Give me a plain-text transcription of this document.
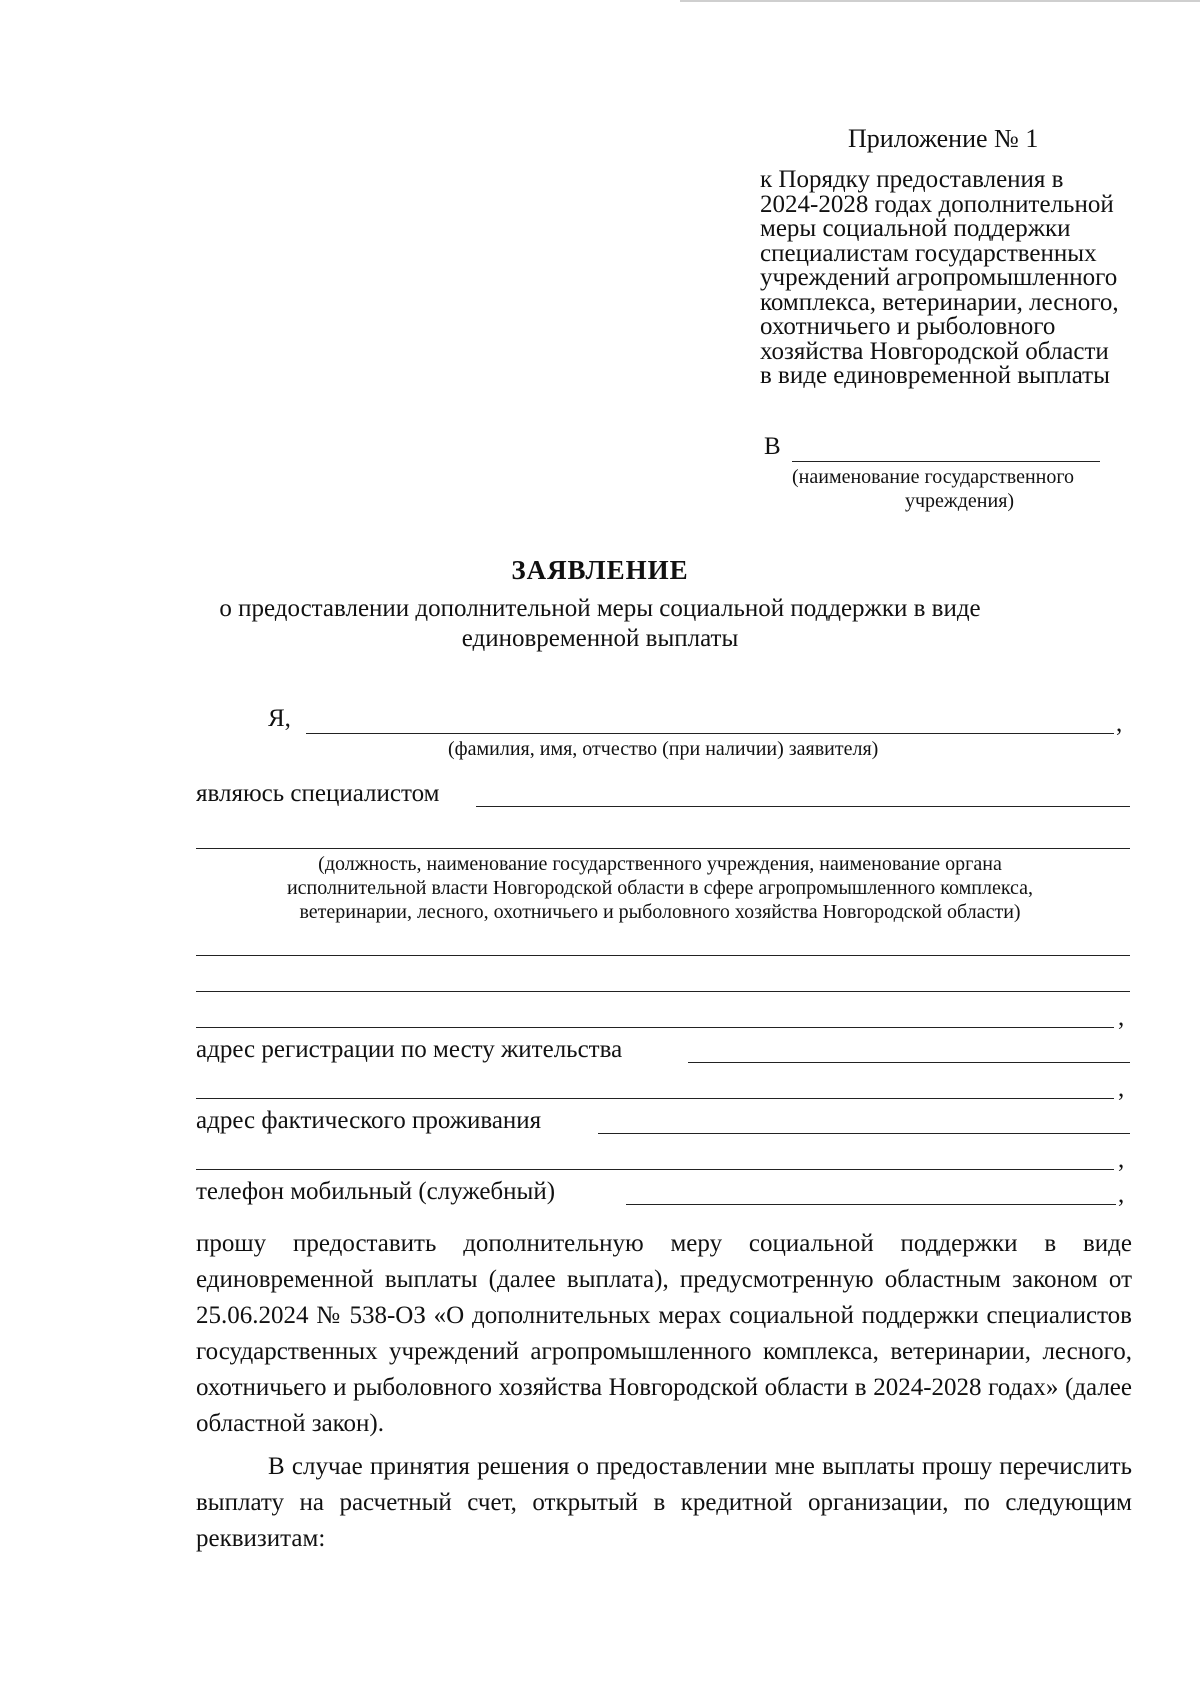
Приложение № 1
к Порядку предоставления в
2024-2028 годах дополнительной
меры социальной поддержки
специалистам государственных
учреждений агропромышленного
комплекса, ветеринарии, лесного,
охотничьего и рыболовного
хозяйства Новгородской области
в виде единовременной выплаты
В
(наименование государственного
учреждения)
ЗАЯВЛЕНИЕ
о предоставлении дополнительной меры социальной поддержки в виде
единовременной выплаты
Я,	,
(фамилия, имя, отчество (при наличии) заявителя)
являюсь специалистом
(должность, наименование государственного учреждения, наименование органа
исполнительной власти Новгородской области в сфере агропромышленного комплекса,
ветеринарии, лесного, охотничьего и рыболовного хозяйства Новгородской области)
,
адрес регистрации по месту жительства
,
адрес фактического проживания
,
телефон мобильный (служебный)	,

прошу предоставить дополнительную меру социальной поддержки в виде единовременной выплаты (далее выплата), предусмотренную областным законом от 25.06.2024 № 538-ОЗ «О дополнительных мерах социальной поддержки специалистов государственных учреждений агропромышленного комплекса, ветеринарии, лесного, охотничьего и рыболовного хозяйства Новгородской области в 2024-2028 годах» (далее областной закон).

В случае принятия решения о предоставлении мне выплаты прошу перечислить выплату на расчетный счет, открытый в кредитной организации, по следующим реквизитам:
